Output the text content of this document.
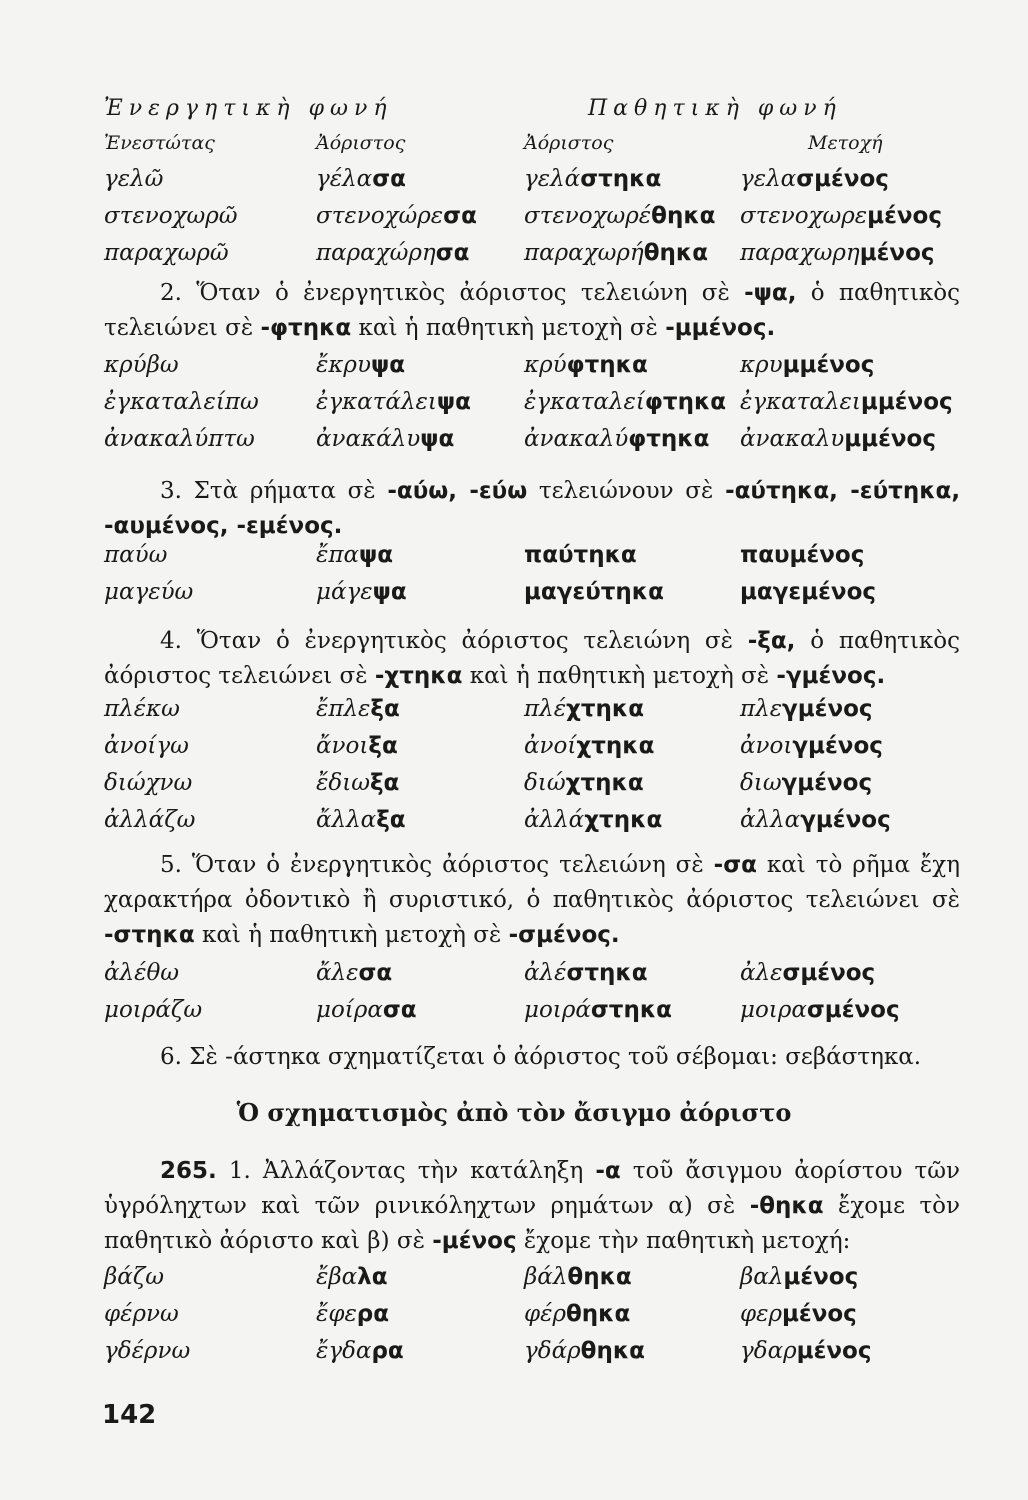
Ἐνεργητικὴ φωνή	Παθητικὴ φωνή
Ἐνεστώτας	Ἀόριστος	Ἀόριστος	Μετοχή
γελῶ	γέλασα	γελάστηκα	γελασμένος
στενοχωρῶ	στενοχώρεσα στενοχωρέθηκα στενοχωρεμένος
παραχωρῶ	παραχώρησα παραχωρήθηκα παραχωρημένος
2. Ὅταν ὁ ἐνεργητικὸς ἀόριστος τελειώνη σὲ -ψα, ὁ παθητικὸς τελειώνει σὲ -φτηκα καὶ ἡ παθητικὴ μετοχὴ σὲ -μμένος.
κρύβω	ἔκρυψα	κρύφτηκα	κρυμμένος
ἐγκαταλείπω ἐγκατάλειψα ἐγκαταλείφτηκα ἐγκαταλειμμένος
ἀνακαλύπτω	ἀνακάλυψα	ἀνακαλύφτηκα ἀνακαλυμμένος
3. Στὰ ρήματα σὲ -αύω, -εύω τελειώνουν σὲ -αύτηκα, -εύτηκα, -αυμένος, -εμένος.
παύω	ἔπαψα	παύτηκα	παυμένος
μαγεύω	μάγεψα	μαγεύτηκα	μαγεμένος
4. Ὅταν ὁ ἐνεργητικὸς ἀόριστος τελειώνη σὲ -ξα, ὁ παθητικὸς ἀόριστος τελειώνει σὲ -χτηκα καὶ ἡ παθητικὴ μετοχὴ σὲ -γμένος.
πλέκω	ἔπλεξα	πλέχτηκα	πλεγμένος
ἀνοίγω	ἄνοιξα	ἀνοίχτηκα	ἀνοιγμένος
διώχνω	ἔδιωξα	διώχτηκα	διωγμένος
ἀλλάζω	ἄλλαξα	ἀλλάχτηκα	ἀλλαγμένος
5. Ὅταν ὁ ἐνεργητικὸς ἀόριστος τελειώνη σὲ -σα καὶ τὸ ρῆμα ἔχη χαρακτήρα ὀδοντικὸ ἢ συριστικό, ὁ παθητικὸς ἀόριστος τελειώνει σὲ -στηκα καὶ ἡ παθητικὴ μετοχὴ σὲ -σμένος.
ἀλέθω	ἄλεσα	ἀλέστηκα	ἀλεσμένος
μοιράζω	μοίρασα	μοιράστηκα	μοιρασμένος
6. Σὲ -άστηκα σχηματίζεται ὁ ἀόριστος τοῦ σέβομαι: σεβάστηκα.
Ὁ σχηματισμὸς ἀπὸ τὸν ἄσιγμο ἀόριστο
265. 1. Ἀλλάζοντας τὴν κατάληξη -α τοῦ ἄσιγμου ἀορίστου τῶν ὑγρόληχτων καὶ τῶν ρινικόληχτων ρημάτων α) σὲ -θηκα ἔχομε τὸν παθητικὸ ἀόριστο καὶ β) σὲ -μένος ἔχομε τὴν παθητικὴ μετοχή:
βάζω	ἔβαλα	βάλθηκα	βαλμένος
φέρνω	ἔφερα	φέρθηκα	φερμένος
γδέρνω	ἔγδαρα	γδάρθηκα	γδαρμένος
142
